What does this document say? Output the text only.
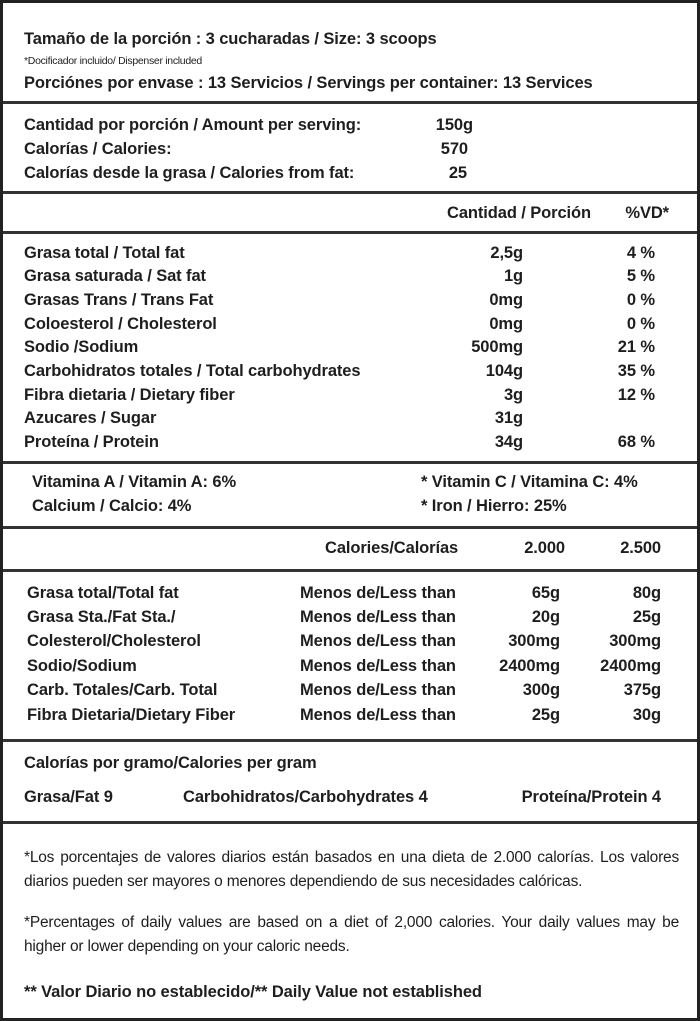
Tamaño de la porción : 3 cucharadas / Size: 3 scoops
*Docificador incluido/ Dispenser included
Porciónes por envase : 13 Servicios / Servings per container: 13 Services
Cantidad por porción / Amount per serving:	150g
Calorías / Calories:	570
Calorías desde la grasa / Calories from fat:	25
Cantidad / Porción	%VD*
Grasa total / Total fat	2,5g	4 %
Grasa saturada / Sat fat	1g	5 %
Grasas Trans / Trans Fat	0mg	0 %
Coloesterol / Cholesterol	0mg	0 %
Sodio /Sodium	500mg	21 %
Carbohidratos totales / Total carbohydrates	104g	35 %
Fibra dietaria / Dietary fiber	3g	12 %
Azucares / Sugar	31g
Proteína / Protein	34g	68 %
Vitamina A / Vitamin A: 6%	* Vitamin C / Vitamina C: 4%
Calcium / Calcio: 4%	* Iron / Hierro: 25%
Calories/Calorías	2.000	2.500
Grasa total/Total fat	Menos de/Less than	65g	80g
Grasa Sta./Fat Sta./	Menos de/Less than	20g	25g
Colesterol/Cholesterol	Menos de/Less than	300mg	300mg
Sodio/Sodium	Menos de/Less than	2400mg	2400mg
Carb. Totales/Carb. Total	Menos de/Less than	300g	375g
Fibra Dietaria/Dietary Fiber	Menos de/Less than	25g	30g
Calorías por gramo/Calories per gram
Grasa/Fat 9	Carbohidratos/Carbohydrates 4	Proteína/Protein 4
*Los porcentajes de valores diarios están basados en una dieta de 2.000 calorías. Los valores diarios pueden ser mayores o menores dependiendo de sus necesidades calóricas.
*Percentages of daily values are based on a diet of 2,000 calories. Your daily values may be higher or lower depending on your caloric needs.
** Valor Diario no establecido/** Daily Value not established
